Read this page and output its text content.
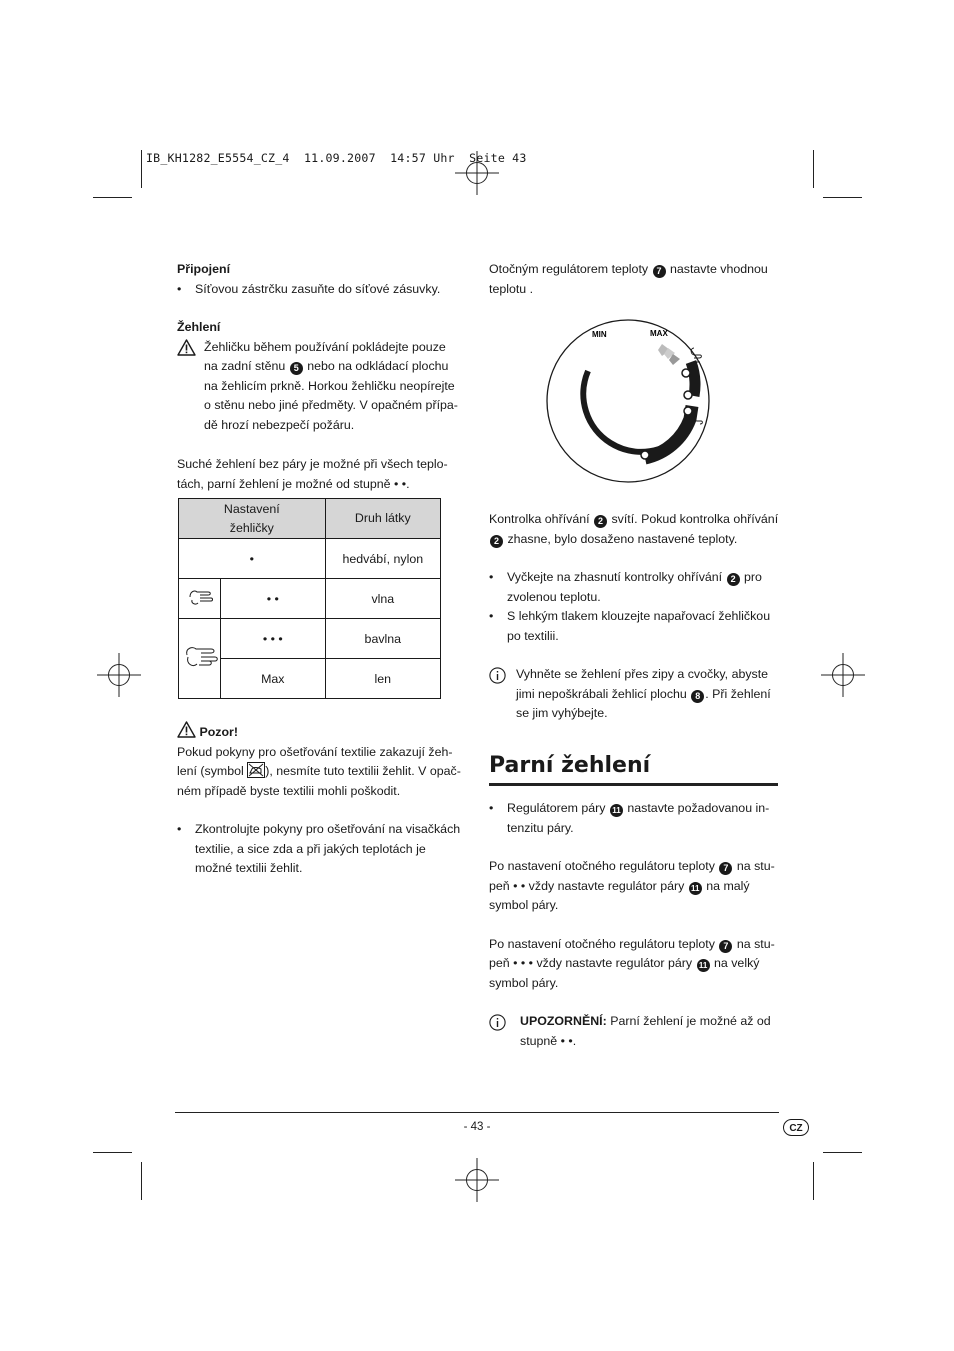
IB_KH1282_E5554_CZ_4  11.09.2007  14:57 Uhr  Seite 43

Připojení

• Síťovou zástrčku zasuňte do síťové zásuvky.

Žehlení

Žehličku během používání pokládejte pouze

na zadní stěnu 5 nebo na odkládací plochu

na žehlicím prkně. Horkou žehličku neopírejte

o stěnu nebo jiné předměty. V opačném přípa-

dě hrozí nebezpečí požáru.

Suché žehlení bez páry je možné při všech teplo-

tách, parní žehlení je možné od stupně • •.

Nastavení
žehličky		Druh látky
•		hedvábí, nylon
	• •	vlna
	• • •	bavlna
	Max	len

Pozor!

Pokud pokyny pro ošetřování textilie zakazují žeh-

lení (symbol ), nesmíte tuto textilii žehlit. V opač-

ném případě byste textilii mohli poškodit.

• Zkontrolujte pokyny pro ošetřování na visačkách

textilie, a sice zda a při jakých teplotách je

možné textilii žehlit.

Otočným regulátorem teploty 7 nastavte vhodnou

teplotu .

MIN	MAX

Kontrolka ohřívání 2 svítí. Pokud kontrolka ohřívání

2 zhasne, bylo dosaženo nastavené teploty.

• Vyčkejte na zhasnutí kontrolky ohřívání 2 pro

zvolenou teplotu.

• S lehkým tlakem klouzejte napařovací žehličkou

po textilii.

Vyhněte se žehlení přes zipy a cvočky, abyste

jimi nepoškrábali žehlicí plochu 8 . Při žehlení

se jim vyhýbejte.

Parní žehlení

• Regulátorem páry 11 nastavte požadovanou in-

tenzitu páry.

Po nastavení otočného regulátoru teploty 7 na stu-

peň • • vždy nastavte regulátor páry 11 na malý

symbol páry.

Po nastavení otočného regulátoru teploty 7 na stu-

peň • • • vždy nastavte regulátor páry 11 na velký

symbol páry.

UPOZORNĚNÍ: Parní žehlení je možné až od

stupně • •.

- 43 -	CZ
